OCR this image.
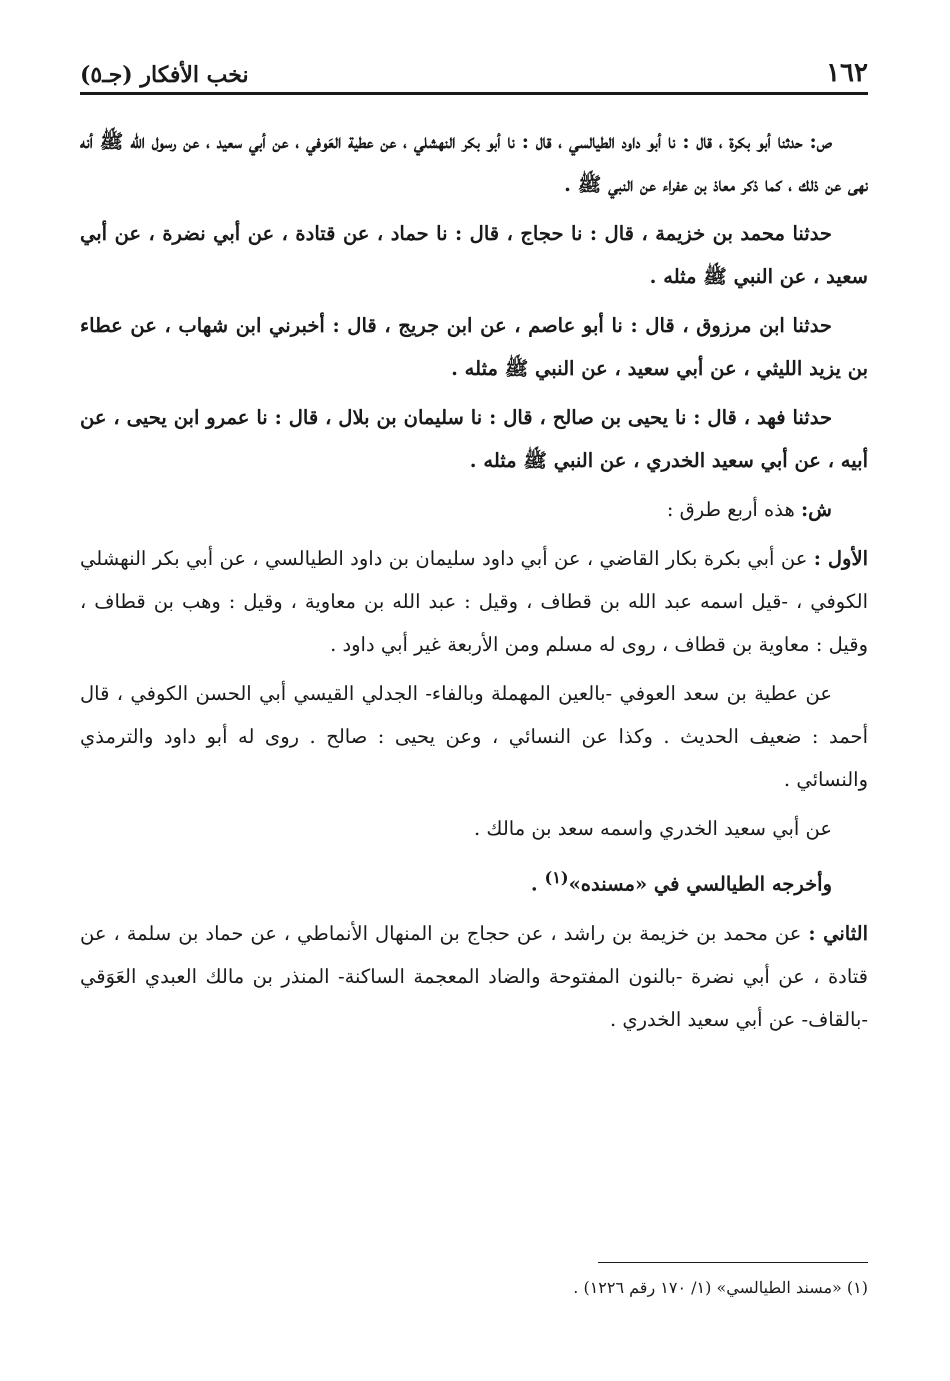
١٦٢
نخب الأفكار (جـ٥)

ص: حدثنا أبو بكرة ، قال : نا أبو داود الطيالسي ، قال : نا أبو بكر النهشلي ، عن عطية العَوفي ، عن أبي سعيد ، عن رسول الله ﷺ أنه نهى عن ذلك ، كما ذكر معاذ بن عفراء عن النبي ﷺ .

حدثنا محمد بن خزيمة ، قال : نا حجاج ، قال : نا حماد ، عن قتادة ، عن أبي نضرة ، عن أبي سعيد ، عن النبي ﷺ مثله .

حدثنا ابن مرزوق ، قال : نا أبو عاصم ، عن ابن جريج ، قال : أخبرني ابن شهاب ، عن عطاء بن يزيد الليثي ، عن أبي سعيد ، عن النبي ﷺ مثله .

حدثنا فهد ، قال : نا يحيى بن صالح ، قال : نا سليمان بن بلال ، قال : نا عمرو ابن يحيى ، عن أبيه ، عن أبي سعيد الخدري ، عن النبي ﷺ مثله .

ش: هذه أربع طرق :

الأول : عن أبي بكرة بكار القاضي ، عن أبي داود سليمان بن داود الطيالسي ، عن أبي بكر النهشلي الكوفي ، -قيل اسمه عبد الله بن قطاف ، وقيل : عبد الله بن معاوية ، وقيل : وهب بن قطاف ، وقيل : معاوية بن قطاف ، روى له مسلم ومن الأربعة غير أبي داود .

عن عطية بن سعد العوفي -بالعين المهملة وبالفاء- الجدلي القيسي أبي الحسن الكوفي ، قال أحمد : ضعيف الحديث . وكذا عن النسائي ، وعن يحيى : صالح . روى له أبو داود والترمذي والنسائي .

عن أبي سعيد الخدري واسمه سعد بن مالك .

وأخرجه الطيالسي في «مسنده»$^{(١)}$ .

الثاني : عن محمد بن خزيمة بن راشد ، عن حجاج بن المنهال الأنماطي ، عن حماد بن سلمة ، عن قتادة ، عن أبي نضرة -بالنون المفتوحة والضاد المعجمة الساكنة- المنذر بن مالك العبدي العَوَقي -بالقاف- عن أبي سعيد الخدري .

(١) «مسند الطيالسي» (١/ ١٧٠ رقم ١٢٢٦) .
